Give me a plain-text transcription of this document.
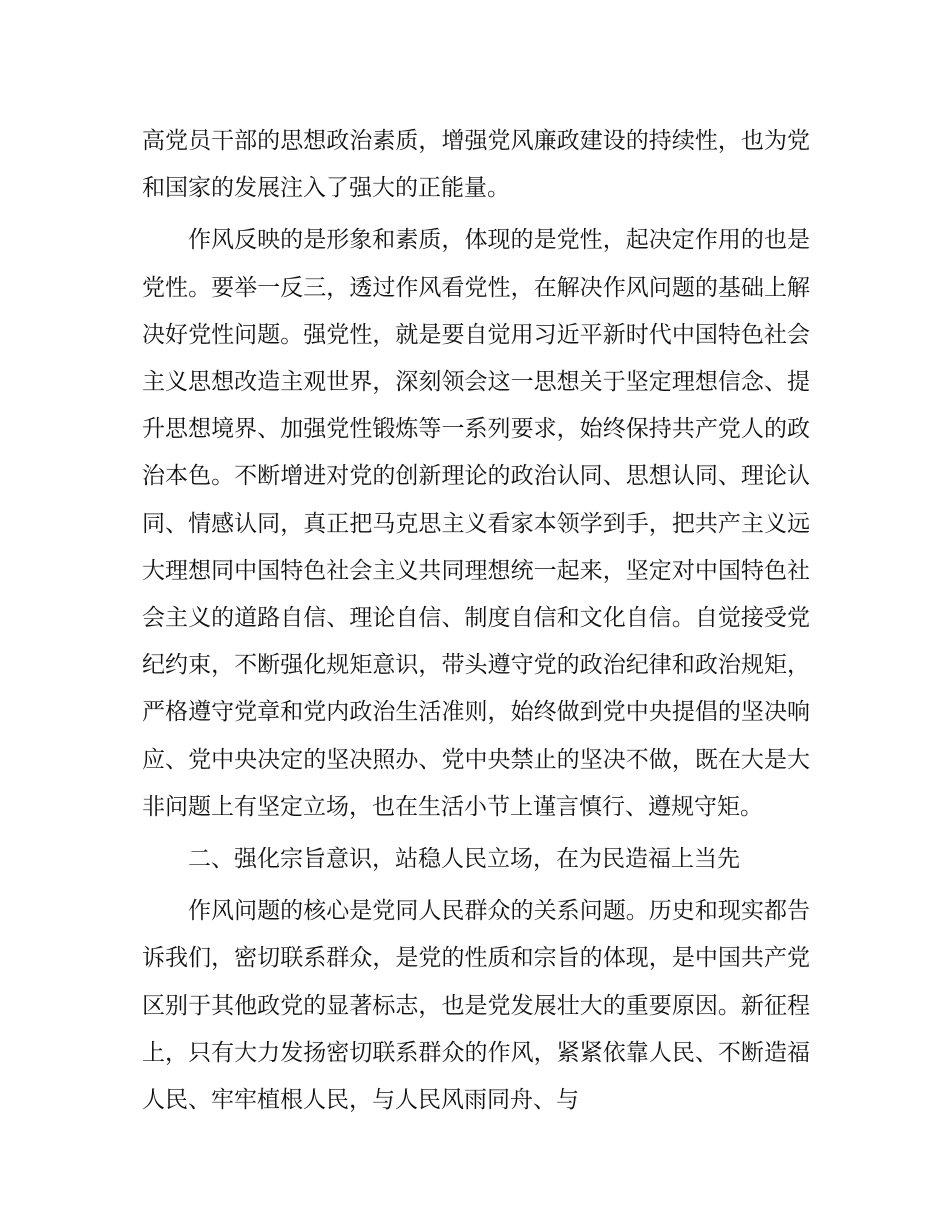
高党员干部的思想政治素质，增强党风廉政建设的持续性，也为党和国家的发展注入了强大的正能量。

作风反映的是形象和素质，体现的是党性，起决定作用的也是党性。要举一反三，透过作风看党性，在解决作风问题的基础上解决好党性问题。强党性，就是要自觉用习近平新时代中国特色社会主义思想改造主观世界，深刻领会这一思想关于坚定理想信念、提升思想境界、加强党性锻炼等一系列要求，始终保持共产党人的政治本色。不断增进对党的创新理论的政治认同、思想认同、理论认同、情感认同，真正把马克思主义看家本领学到手，把共产主义远大理想同中国特色社会主义共同理想统一起来，坚定对中国特色社会主义的道路自信、理论自信、制度自信和文化自信。自觉接受党纪约束，不断强化规矩意识，带头遵守党的政治纪律和政治规矩，严格遵守党章和党内政治生活准则，始终做到党中央提倡的坚决响应、党中央决定的坚决照办、党中央禁止的坚决不做，既在大是大非问题上有坚定立场，也在生活小节上谨言慎行、遵规守矩。

二、强化宗旨意识，站稳人民立场，在为民造福上当先

作风问题的核心是党同人民群众的关系问题。历史和现实都告诉我们，密切联系群众，是党的性质和宗旨的体现，是中国共产党区别于其他政党的显著标志，也是党发展壮大的重要原因。新征程上，只有大力发扬密切联系群众的作风，紧紧依靠人民、不断造福人民、牢牢植根人民，与人民风雨同舟、与
